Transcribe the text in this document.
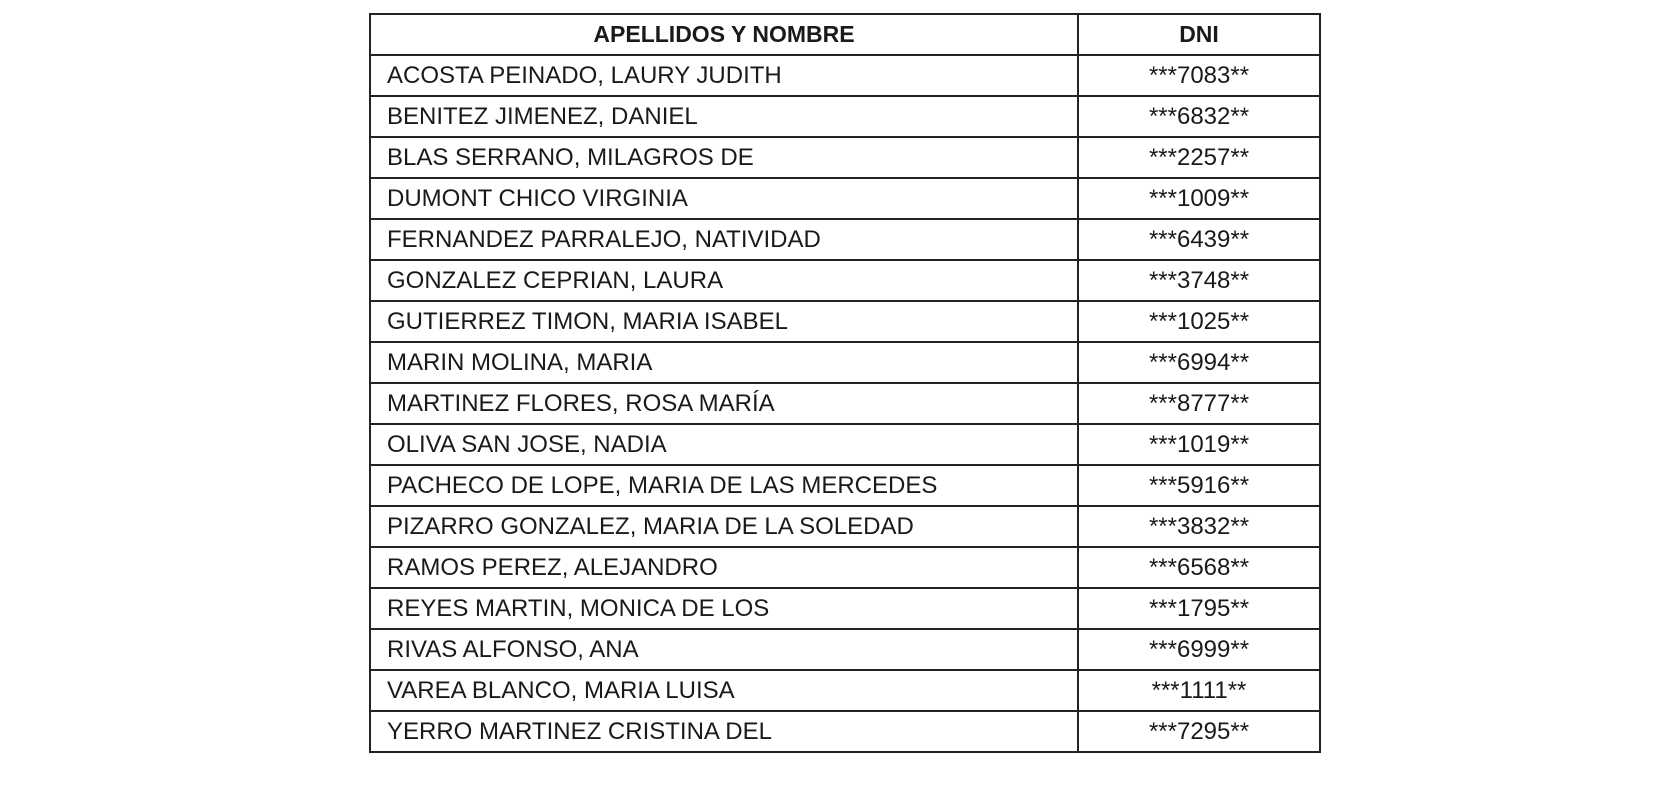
APELLIDOS Y NOMBRE	DNI
ACOSTA PEINADO, LAURY JUDITH	***7083**
BENITEZ JIMENEZ, DANIEL	***6832**
BLAS SERRANO, MILAGROS DE	***2257**
DUMONT CHICO VIRGINIA	***1009**
FERNANDEZ PARRALEJO, NATIVIDAD	***6439**
GONZALEZ CEPRIAN, LAURA	***3748**
GUTIERREZ TIMON, MARIA ISABEL	***1025**
MARIN MOLINA, MARIA	***6994**
MARTINEZ FLORES, ROSA MARÍA	***8777**
OLIVA SAN JOSE, NADIA	***1019**
PACHECO DE LOPE, MARIA DE LAS MERCEDES	***5916**
PIZARRO GONZALEZ, MARIA DE LA SOLEDAD	***3832**
RAMOS PEREZ, ALEJANDRO	***6568**
REYES MARTIN, MONICA DE LOS	***1795**
RIVAS ALFONSO, ANA	***6999**
VAREA BLANCO, MARIA LUISA	***1111**
YERRO MARTINEZ CRISTINA DEL	***7295**
